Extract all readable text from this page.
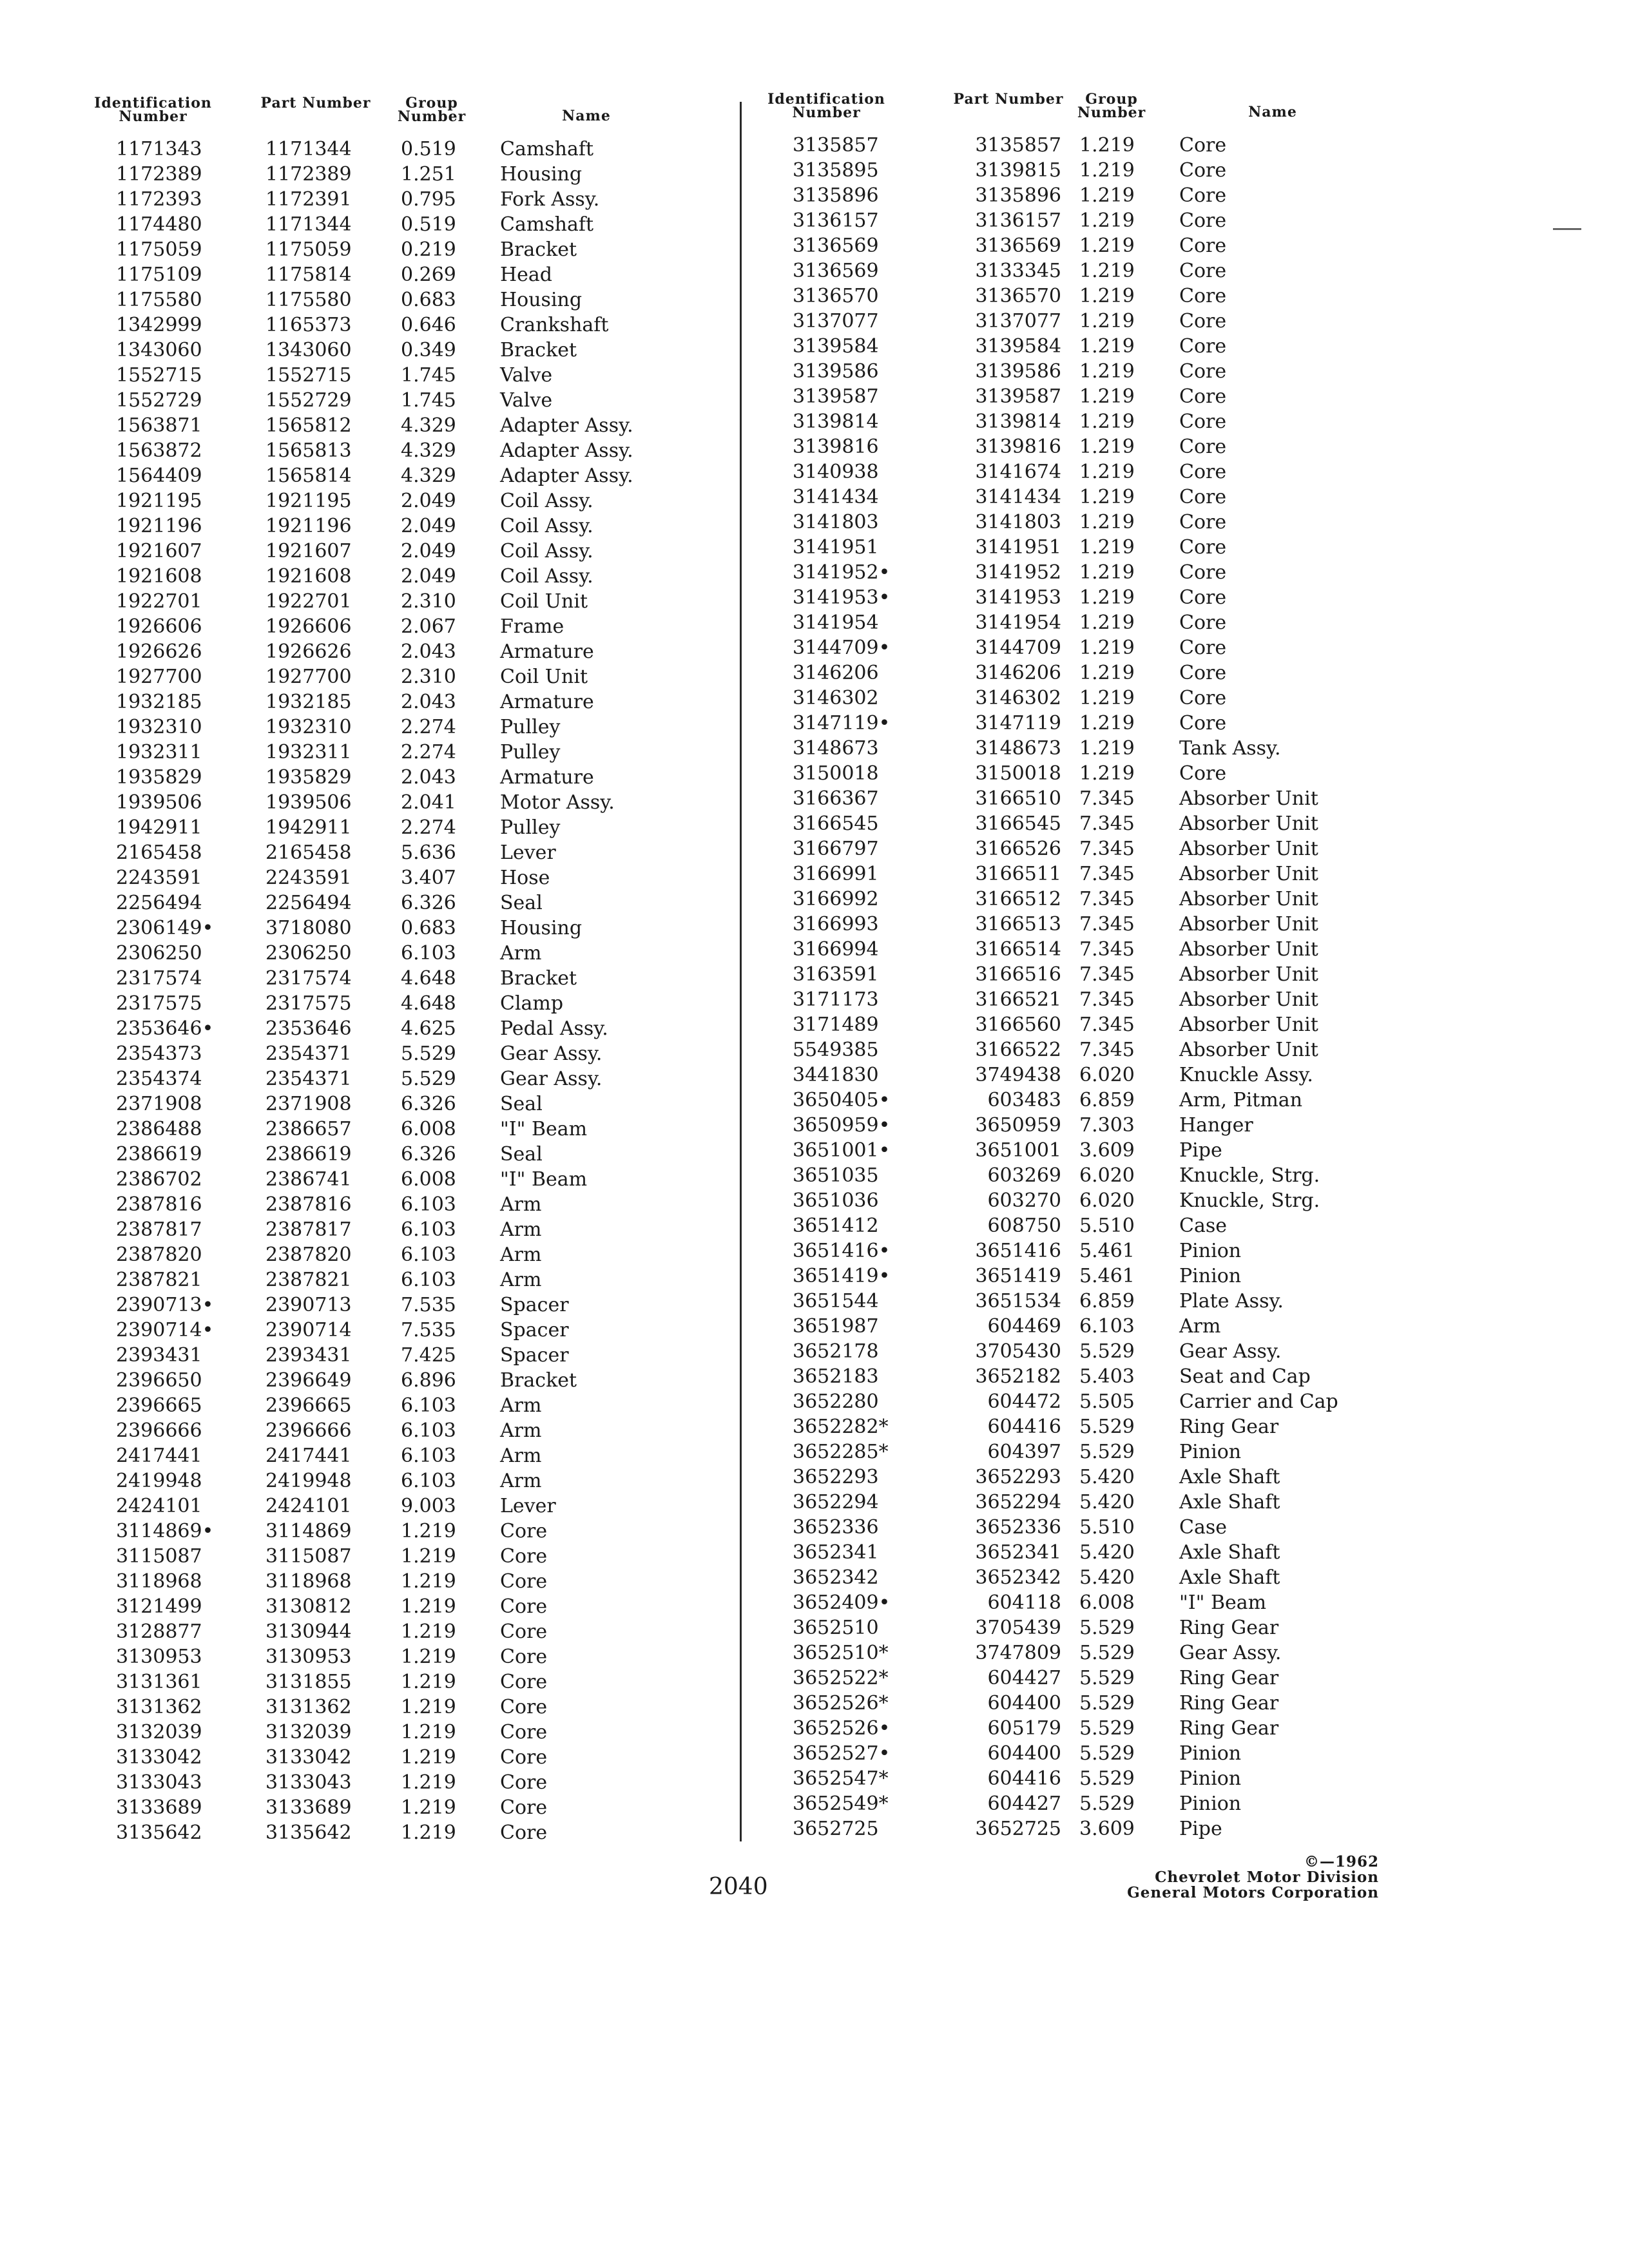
Identification Number
Part Number	Group Number	Name
1171343	1171344	0.519	Camshaft
1172389	1172389	1.251	Housing
1172393	1172391	0.795	Fork Assy.
1174480	1171344	0.519	Camshaft
1175059	1175059	0.219	Bracket
1175109	1175814	0.269	Head
1175580	1175580	0.683	Housing
1342999	1165373	0.646	Crankshaft
1343060	1343060	0.349	Bracket
1552715	1552715	1.745	Valve
1552729	1552729	1.745	Valve
1563871	1565812	4.329	Adapter Assy.
1563872	1565813	4.329	Adapter Assy.
1564409	1565814	4.329	Adapter Assy.
1921195	1921195	2.049	Coil Assy.
1921196	1921196	2.049	Coil Assy.
1921607	1921607	2.049	Coil Assy.
1921608	1921608	2.049	Coil Assy.
1922701	1922701	2.310	Coil Unit
1926606	1926606	2.067	Frame
1926626	1926626	2.043	Armature
1927700	1927700	2.310	Coil Unit
1932185	1932185	2.043	Armature
1932310	1932310	2.274	Pulley
1932311	1932311	2.274	Pulley
1935829	1935829	2.043	Armature
1939506	1939506	2.041	Motor Assy.
1942911	1942911	2.274	Pulley
2165458	2165458	5.636	Lever
2243591	2243591	3.407	Hose
2256494	2256494	6.326	Seal
2306149•	3718080	0.683	Housing
2306250	2306250	6.103	Arm
2317574	2317574	4.648	Bracket
2317575	2317575	4.648	Clamp
2353646•	2353646	4.625	Pedal Assy.
2354373	2354371	5.529	Gear Assy.
2354374	2354371	5.529	Gear Assy.
2371908	2371908	6.326	Seal
2386488	2386657	6.008	"I" Beam
2386619	2386619	6.326	Seal
2386702	2386741	6.008	"I" Beam
2387816	2387816	6.103	Arm
2387817	2387817	6.103	Arm
2387820	2387820	6.103	Arm
2387821	2387821	6.103	Arm
2390713•	2390713	7.535	Spacer
2390714•	2390714	7.535	Spacer
2393431	2393431	7.425	Spacer
2396650	2396649	6.896	Bracket
2396665	2396665	6.103	Arm
2396666	2396666	6.103	Arm
2417441	2417441	6.103	Arm
2419948	2419948	6.103	Arm
2424101	2424101	9.003	Lever
3114869•	3114869	1.219	Core
3115087	3115087	1.219	Core
3118968	3118968	1.219	Core
3121499	3130812	1.219	Core
3128877	3130944	1.219	Core
3130953	3130953	1.219	Core
3131361	3131855	1.219	Core
3131362	3131362	1.219	Core
3132039	3132039	1.219	Core
3133042	3133042	1.219	Core
3133043	3133043	1.219	Core
3133689	3133689	1.219	Core
3135642	3135642	1.219	Core
Identification Number
Part Number	Group Number	Name
3135857	3135857 1.219	Core
3135895	3139815 1.219	Core
3135896	3135896 1.219	Core
3136157	3136157 1.219	Core
3136569	3136569 1.219	Core
3136569	3133345 1.219	Core
3136570	3136570 1.219	Core
3137077	3137077 1.219	Core
3139584	3139584 1.219	Core
3139586	3139586 1.219	Core
3139587	3139587 1.219	Core
3139814	3139814 1.219	Core
3139816	3139816 1.219	Core
3140938	3141674 1.219	Core
3141434	3141434 1.219	Core
3141803	3141803 1.219	Core
3141951	3141951 1.219	Core
3141952•	3141952 1.219	Core
3141953•	3141953 1.219	Core
3141954	3141954 1.219	Core
3144709•	3144709 1.219	Core
3146206	3146206 1.219	Core
3146302	3146302 1.219	Core
3147119•	3147119 1.219	Core
3148673	3148673 1.219	Tank Assy.
3150018	3150018 1.219	Core
3166367	3166510 7.345	Absorber Unit
3166545	3166545 7.345	Absorber Unit
3166797	3166526 7.345	Absorber Unit
3166991	3166511 7.345	Absorber Unit
3166992	3166512 7.345	Absorber Unit
3166993	3166513 7.345	Absorber Unit
3166994	3166514 7.345	Absorber Unit
3163591	3166516 7.345	Absorber Unit
3171173	3166521 7.345	Absorber Unit
3171489	3166560 7.345	Absorber Unit
5549385	3166522 7.345	Absorber Unit
3441830	3749438 6.020	Knuckle Assy.
3650405•	603483 6.859	Arm, Pitman
3650959•	3650959 7.303	Hanger
3651001•	3651001 3.609	Pipe
3651035	603269 6.020	Knuckle, Strg.
3651036	603270 6.020	Knuckle, Strg.
3651412	608750 5.510	Case
3651416•	3651416 5.461	Pinion
3651419•	3651419 5.461	Pinion
3651544	3651534 6.859	Plate Assy.
3651987	604469 6.103	Arm
3652178	3705430 5.529	Gear Assy.
3652183	3652182 5.403	Seat and Cap
3652280	604472 5.505	Carrier and Cap
3652282*	604416 5.529	Ring Gear
3652285*	604397 5.529	Pinion
3652293	3652293 5.420	Axle Shaft
3652294	3652294 5.420	Axle Shaft
3652336	3652336 5.510	Case
3652341	3652341 5.420	Axle Shaft
3652342	3652342 5.420	Axle Shaft
3652409•	604118 6.008	"I" Beam
3652510	3705439 5.529	Ring Gear
3652510*	3747809 5.529	Gear Assy.
3652522*	604427 5.529	Ring Gear
3652526*	604400 5.529	Ring Gear
3652526•	605179 5.529	Ring Gear
3652527•	604400 5.529	Pinion
3652547*	604416 5.529	Pinion
3652549*	604427 5.529	Pinion
3652725	3652725 3.609	Pipe
2040
©—1962
Chevrolet Motor Division
General Motors Corporation
